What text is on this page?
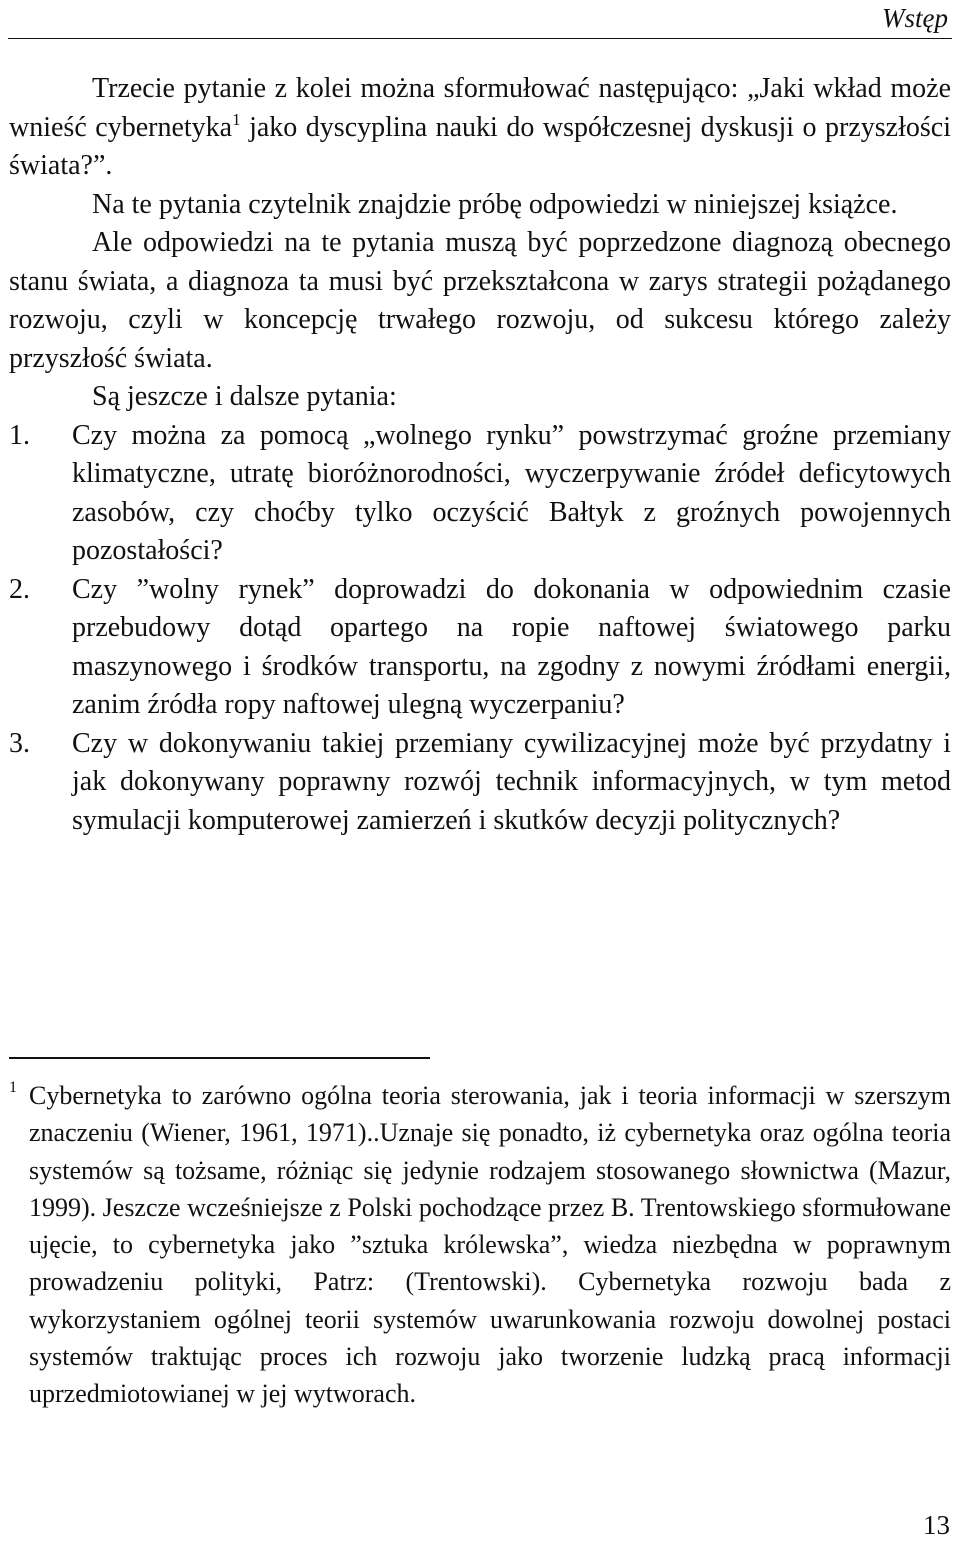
Wstęp

Trzecie pytanie z kolei można sformułować następująco: „Jaki wkład może wnieść cybernetyka$^1$ jako dyscyplina nauki do współczesnej dyskusji o przyszłości świata?”.

Na te pytania czytelnik znajdzie próbę odpowiedzi w niniejszej książce.

Ale odpowiedzi na te pytania muszą być poprzedzone diagnozą obecnego stanu świata, a diagnoza ta musi być przekształcona w zarys strategii pożądanego rozwoju, czyli w koncepcję trwałego rozwoju, od sukcesu którego zależy przyszłość świata.

Są jeszcze i dalsze pytania:

1. Czy można za pomocą „wolnego rynku” powstrzymać groźne przemiany klimatyczne, utratę bioróżnorodności, wyczerpywanie źródeł deficytowych zasobów, czy choćby tylko oczyścić Bałtyk z groźnych powojennych pozostałości?
2. Czy ”wolny rynek” doprowadzi do dokonania w odpowiednim czasie przebudowy dotąd opartego na ropie naftowej światowego parku maszynowego i środków transportu, na zgodny z nowymi źródłami energii, zanim źródła ropy naftowej ulegną wyczerpaniu?
3. Czy w dokonywaniu takiej przemiany cywilizacyjnej może być przydatny i jak dokonywany poprawny rozwój technik informacyjnych, w tym metod symulacji komputerowej zamierzeń i skutków decyzji politycznych?

1 Cybernetyka to zarówno ogólna teoria sterowania, jak i teoria informacji w szerszym znaczeniu (Wiener, 1961, 1971)..Uznaje się ponadto, iż cybernetyka oraz ogólna teoria systemów są tożsame, różniąc się jedynie rodzajem stosowanego słownictwa (Mazur, 1999). Jeszcze wcześniejsze z Polski pochodzące przez B. Trentowskiego sformułowane ujęcie, to cybernetyka jako ”sztuka królewska”, wiedza niezbędna w poprawnym prowadzeniu polityki, Patrz: (Trentowski). Cybernetyka rozwoju bada z wykorzystaniem ogólnej teorii systemów uwarunkowania rozwoju dowolnej postaci systemów traktując proces ich rozwoju jako tworzenie ludzką pracą informacji uprzedmiotowianej w jej wytworach.

13
